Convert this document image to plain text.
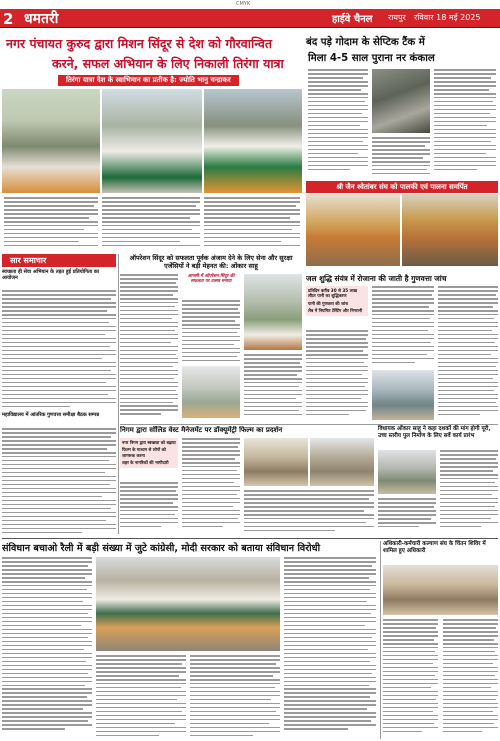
CMYK
2 धमतरी	हाईवे चैनल रायपुर रविवार 18 मई 2025
नगर पंचायत कुरुद द्वारा मिशन सिंदूर से देश को गौरवान्वित
करने, सफल अभियान के लिए निकाली तिरंगा यात्रा
तिरंगा यात्रा देश के स्वाभिमान का प्रतीक है: ज्योति भानु चन्द्राकर
बंद पड़े गोदाम के सेप्टिक टैंक में
मिला 4-5 साल पुराना नर कंकाल
श्री जैन श्वेतांबर संघ को पालकी एवं पालना समर्पित
सार समाचार
स्वच्छता ही सेवा अभियान के तहत हुई प्रतियोगिता का आयोजन
महाविद्यालय में आंतरिक गुणवत्ता समीक्षा बैठक सम्पन्न
ऑपरेशन सिंदूर को सफलता पूर्वक अंजाम देने के लिए सेना और सुरक्षा एजेंसियों ने बड़ी मेहनत की: ओंकार साहू
आपसी में ऑपरेशन सिंदूर की सफलता पर उत्सव मनाया	जल शुद्धि संयंत्र में रोजाना की जाती है गुणवत्ता जांच
प्रतिदिन करीब 30 से 35 लाख लीटर पानी का शुद्धिकरण
पानी की गुणवत्ता की जांच
लैब में नियमित टेस्टिंग और निगरानी
निगम द्वारा सॉलिड वेस्ट मैनेजमेंट पर डॉक्यूमेंट्री फिल्म का प्रदर्शन
नगर निगम द्वारा स्वच्छता को बढ़ावा
फिल्म के माध्यम से लोगों को जागरूक करना
शहर के नागरिकों की भागीदारी
विधायक ओंकार साहू ने कहा दशकों की मांग होगी पूरी, उच्च स्तरीय पुल निर्माण के लिए सर्वे कार्य प्रारंभ
संविधान बचाओ रैली में बड़ी संख्या में जुटे कांग्रेसी, मोदी सरकार को बताया संविधान विरोधी	अधिकारी-कर्मचारी कल्याण संघ के चिंतन शिविर में शामिल हुए अधिकारी
